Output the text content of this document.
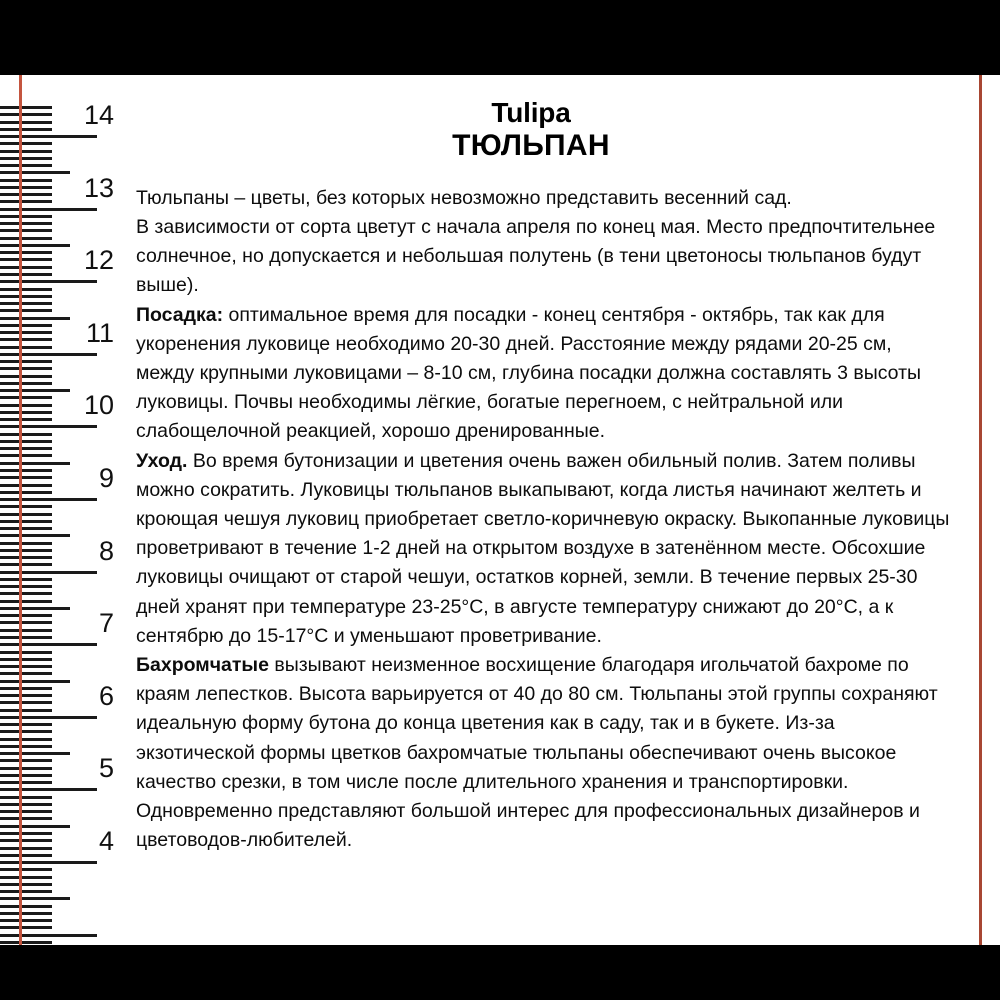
14
13
12
11
10
9
8
7
6
5
4
Tulipa
ТЮЛЬПАН

Тюльпаны – цветы, без которых невозможно представить весенний сад.

В зависимости от сорта цветут с начала апреля по конец мая. Место предпочтительнее солнечное, но допускается и небольшая полутень (в тени цветоносы тюльпанов будут выше).

Посадка: оптимальное время для посадки - конец сентября - октябрь, так как для укоренения луковице необходимо 20-30 дней. Расстояние между рядами 20-25 см, между крупными луковицами – 8-10 см, глубина посадки должна составлять 3 высоты луковицы. Почвы необходимы лёгкие, богатые перегноем, с нейтральной или слабощелочной реакцией, хорошо дренированные.

Уход. Во время бутонизации и цветения очень важен обильный полив. Затем поливы можно сократить. Луковицы тюльпанов выкапывают, когда листья начинают желтеть и кроющая чешуя луковиц приобретает светло-коричневую окраску. Выкопанные луковицы проветривают в течение 1-2 дней на открытом воздухе в затенённом месте. Обсохшие луковицы очищают от старой чешуи, остатков корней, земли. В течение первых 25-30 дней хранят при температуре 23-25°C, в августе температуру снижают до 20°C, а к сентябрю до 15-17°C и уменьшают проветривание.

Бахромчатые вызывают неизменное восхищение благодаря игольчатой бахроме по краям лепестков. Высота варьируется от 40 до 80 см. Тюльпаны этой группы сохраняют идеальную форму бутона до конца цветения как в саду, так и в букете. Из-за экзотической формы цветков бахромчатые тюльпаны обеспечивают очень высокое качество срезки, в том числе после длительного хранения и транспортировки. Одновременно представляют большой интерес для профессиональных дизайнеров и цветоводов-любителей.
